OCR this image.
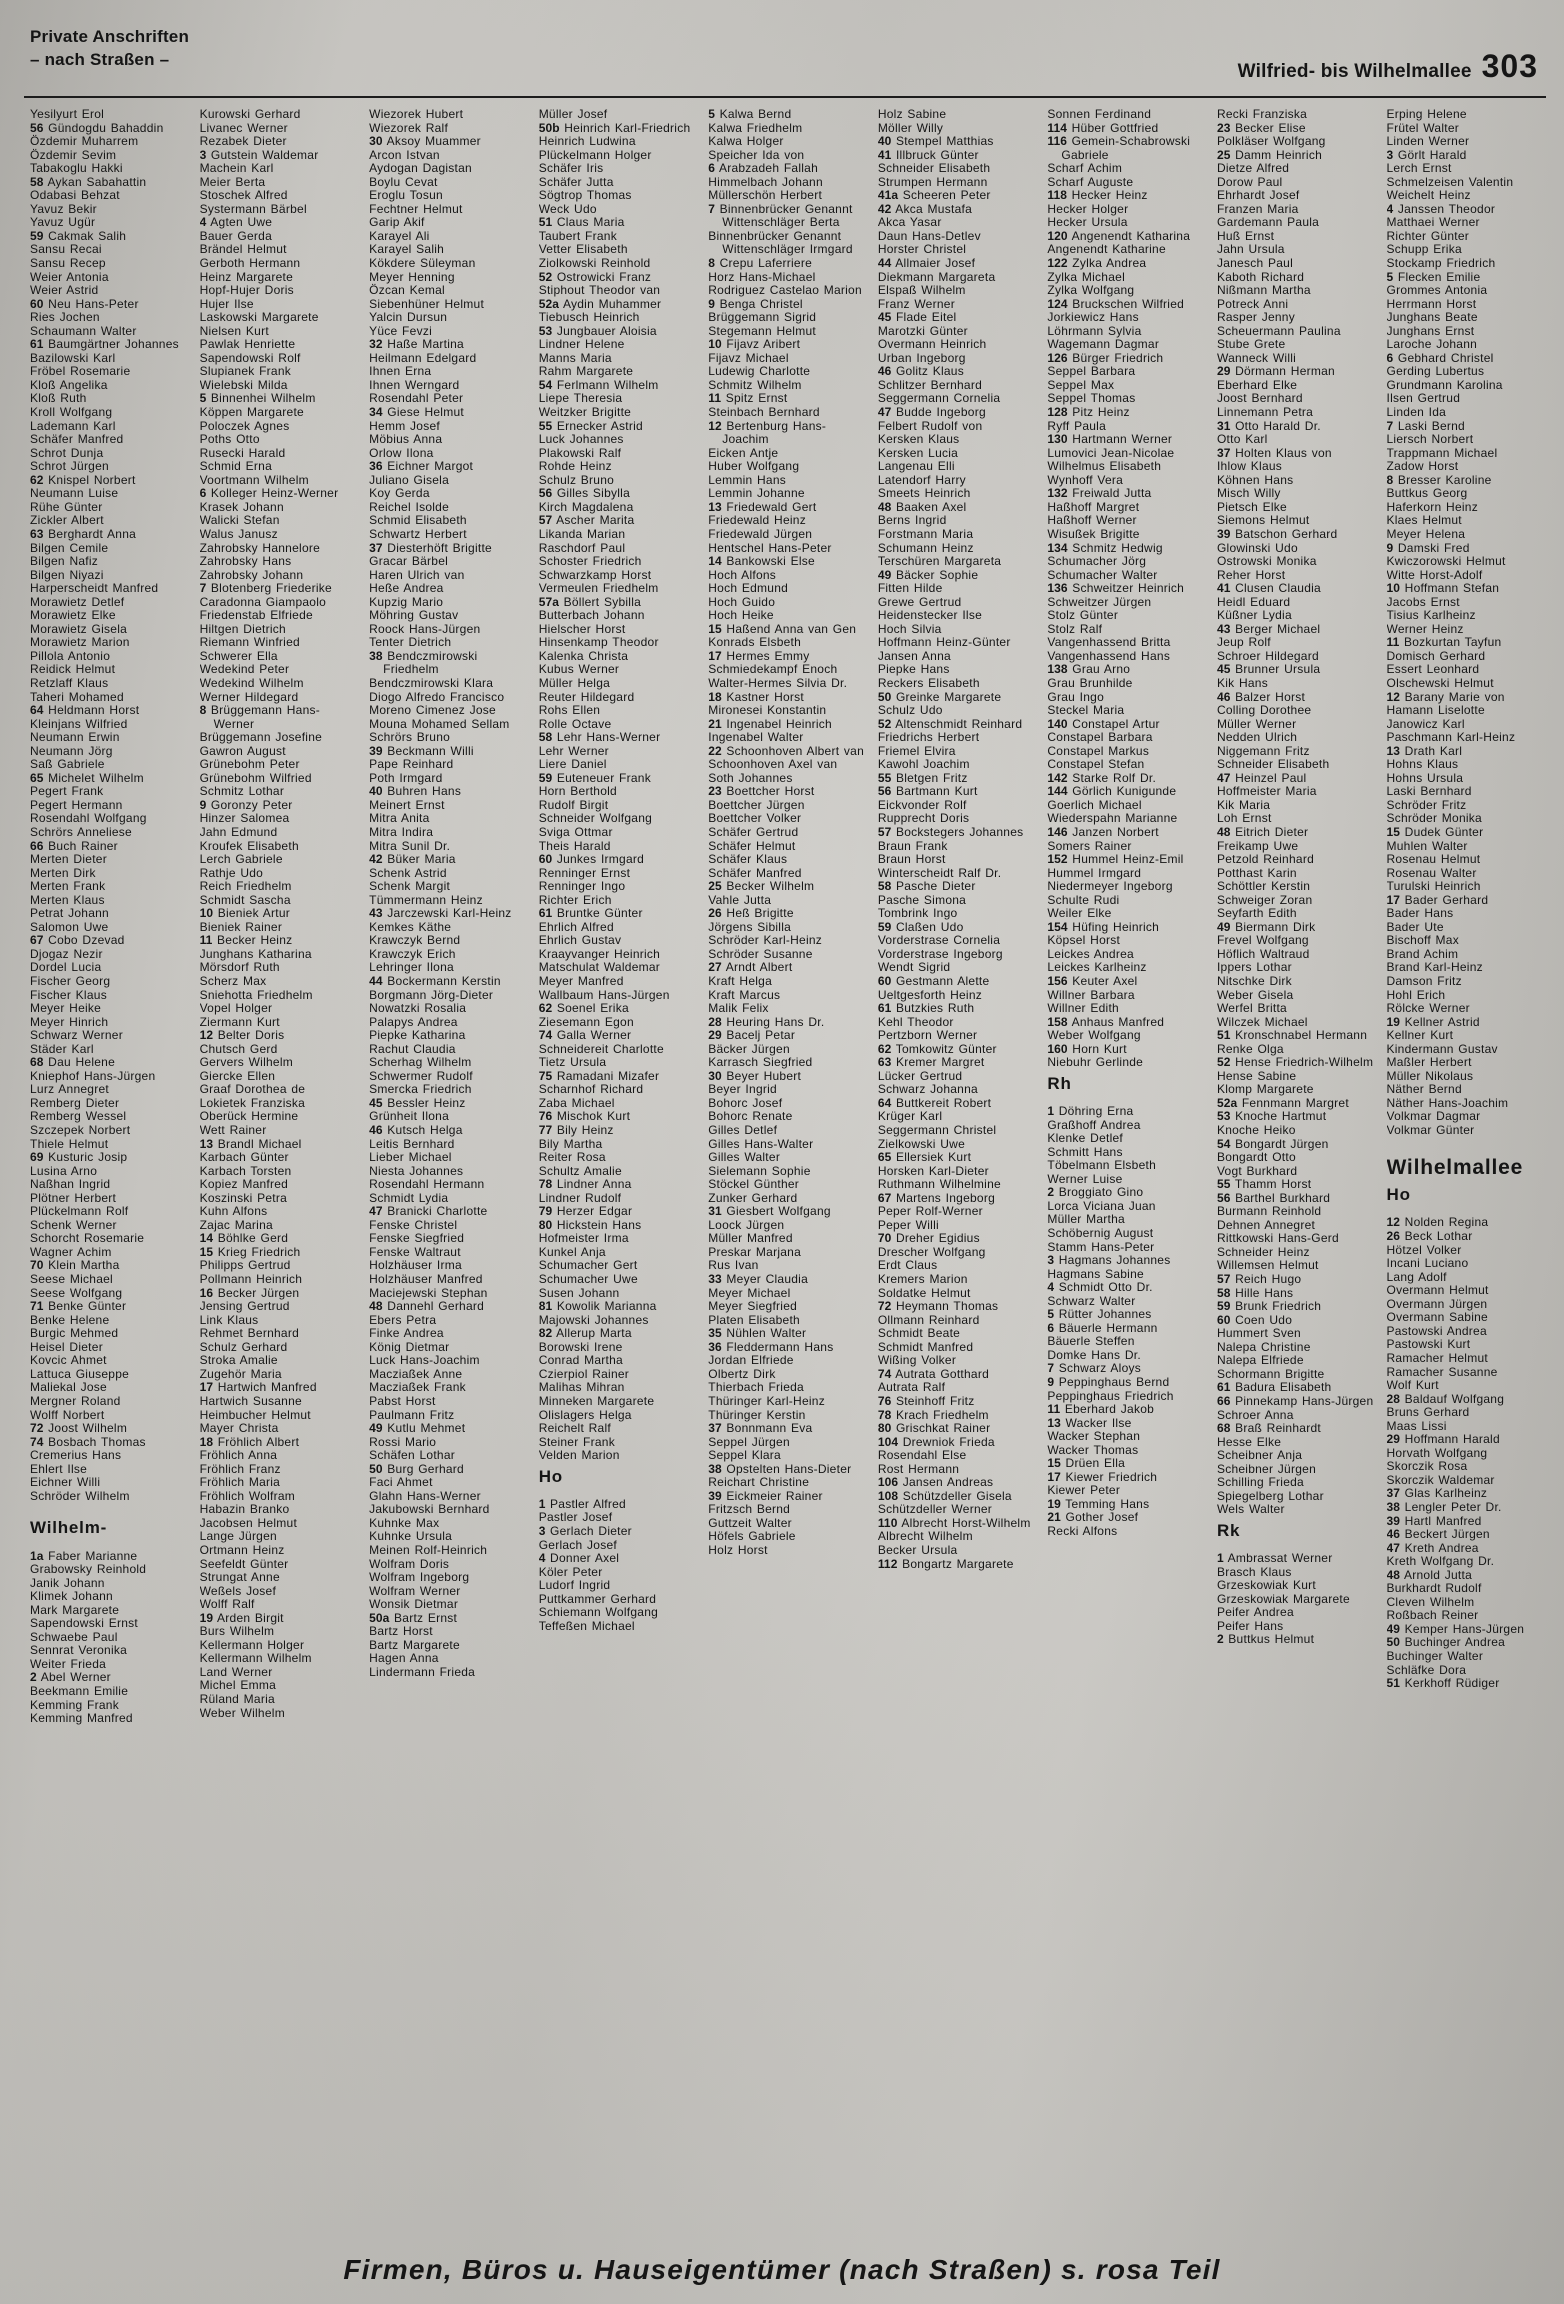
Private Anschriften
– nach Straßen –
Wilfried- bis Wilhelmallee 303

Yesilyurt Erol

56 Gündogdu Bahaddin

Özdemir Muharrem

Özdemir Sevim

Tabakoglu Hakki

58 Aykan Sabahattin

Odabasi Behzat

Yavuz Bekir

Yavuz Ugür

59 Cakmak Salih

Sansu Recai

Sansu Recep

Weier Antonia

Weier Astrid

60 Neu Hans-Peter

Ries Jochen

Schaumann Walter

61 Baumgärtner Johannes

Bazilowski Karl

Fröbel Rosemarie

Kloß Angelika

Kloß Ruth

Kroll Wolfgang

Lademann Karl

Schäfer Manfred

Schrot Dunja

Schrot Jürgen

62 Knispel Norbert

Neumann Luise

Rühe Günter

Zickler Albert

63 Berghardt Anna

Bilgen Cemile

Bilgen Nafiz

Bilgen Niyazi

Harperscheidt Manfred

Morawietz Detlef

Morawietz Elke

Morawietz Gisela

Morawietz Marion

Pillola Antonio

Reidick Helmut

Retzlaff Klaus

Taheri Mohamed

64 Heldmann Horst

Kleinjans Wilfried

Neumann Erwin

Neumann Jörg

Saß Gabriele

65 Michelet Wilhelm

Pegert Frank

Pegert Hermann

Rosendahl Wolfgang

Schrörs Anneliese

66 Buch Rainer

Merten Dieter

Merten Dirk

Merten Frank

Merten Klaus

Petrat Johann

Salomon Uwe

67 Cobo Dzevad

Djogaz Nezir

Dordel Lucia

Fischer Georg

Fischer Klaus

Meyer Heike

Meyer Hinrich

Schwarz Werner

Städer Karl

68 Dau Helene

Kniephof Hans-Jürgen

Lurz Annegret

Remberg Dieter

Remberg Wessel

Szczepek Norbert

Thiele Helmut

69 Kusturic Josip

Lusina Arno

Naßhan Ingrid

Plötner Herbert

Plückelmann Rolf

Schenk Werner

Schorcht Rosemarie

Wagner Achim

70 Klein Martha

Seese Michael

Seese Wolfgang

71 Benke Günter

Benke Helene

Burgic Mehmed

Heisel Dieter

Kovcic Ahmet

Lattuca Giuseppe

Maliekal Jose

Mergner Roland

Wolff Norbert

72 Joost Wilhelm

74 Bosbach Thomas

Cremerius Hans

Ehlert Ilse

Eichner Willi

Schröder Wilhelm

Wilhelm-

1a Faber Marianne

Grabowsky Reinhold

Janik Johann

Klimek Johann

Mark Margarete

Sapendowski Ernst

Schwaebe Paul

Sennrat Veronika

Weiter Frieda

2 Abel Werner

Beekmann Emilie

Kemming Frank

Kemming Manfred

Kurowski Gerhard

Livanec Werner

Rezabek Dieter

3 Gutstein Waldemar

Machein Karl

Meier Berta

Stoschek Alfred

Systermann Bärbel

4 Agten Uwe

Bauer Gerda

Brändel Helmut

Gerboth Hermann

Heinz Margarete

Hopf-Hujer Doris

Hujer Ilse

Laskowski Margarete

Nielsen Kurt

Pawlak Henriette

Sapendowski Rolf

Slupianek Frank

Wielebski Milda

5 Binnenhei Wilhelm

Köppen Margarete

Poloczek Agnes

Poths Otto

Rusecki Harald

Schmid Erna

Voortmann Wilhelm

6 Kolleger Heinz-Werner

Krasek Johann

Walicki Stefan

Walus Janusz

Zahrobsky Hannelore

Zahrobsky Hans

Zahrobsky Johann

7 Blotenberg Friederike

Caradonna Giampaolo

Friedenstab Elfriede

Hiltgen Dietrich

Riemann Winfried

Schwerer Ella

Wedekind Peter

Wedekind Wilhelm

Werner Hildegard

8 Brüggemann Hans-Werner

Brüggemann Josefine

Gawron August

Grünebohm Peter

Grünebohm Wilfried

Schmitz Lothar

9 Goronzy Peter

Hinzer Salomea

Jahn Edmund

Kroufek Elisabeth

Lerch Gabriele

Rathje Udo

Reich Friedhelm

Schmidt Sascha

10 Bieniek Artur

Bieniek Rainer

11 Becker Heinz

Junghans Katharina

Mörsdorf Ruth

Scherz Max

Sniehotta Friedhelm

Vopel Holger

Ziermann Kurt

12 Belter Doris

Chutsch Gerd

Gervers Wilhelm

Giercke Ellen

Graaf Dorothea de

Lokietek Franziska

Oberück Hermine

Wett Rainer

13 Brandl Michael

Karbach Günter

Karbach Torsten

Kopiez Manfred

Koszinski Petra

Kuhn Alfons

Zajac Marina

14 Böhlke Gerd

15 Krieg Friedrich

Philipps Gertrud

Pollmann Heinrich

16 Becker Jürgen

Jensing Gertrud

Link Klaus

Rehmet Bernhard

Schulz Gerhard

Stroka Amalie

Zugehör Maria

17 Hartwich Manfred

Hartwich Susanne

Heimbucher Helmut

Mayer Christa

18 Fröhlich Albert

Fröhlich Anna

Fröhlich Franz

Fröhlich Maria

Fröhlich Wolfram

Habazin Branko

Jacobsen Helmut

Lange Jürgen

Ortmann Heinz

Seefeldt Günter

Strungat Anne

Weßels Josef

Wolff Ralf

19 Arden Birgit

Burs Wilhelm

Kellermann Holger

Kellermann Wilhelm

Land Werner

Michel Emma

Rüland Maria

Weber Wilhelm

Wiezorek Hubert

Wiezorek Ralf

30 Aksoy Muammer

Arcon Istvan

Aydogan Dagistan

Boylu Cevat

Eroglu Tosun

Fechtner Helmut

Garip Akif

Karayel Ali

Karayel Salih

Kökdere Süleyman

Meyer Henning

Özcan Kemal

Siebenhüner Helmut

Yalcin Dursun

Yüce Fevzi

32 Haße Martina

Heilmann Edelgard

Ihnen Erna

Ihnen Werngard

Rosendahl Peter

34 Giese Helmut

Hemm Josef

Möbius Anna

Orlow Ilona

36 Eichner Margot

Juliano Gisela

Koy Gerda

Reichel Isolde

Schmid Elisabeth

Schwartz Herbert

37 Diesterhöft Brigitte

Gracar Bärbel

Haren Ulrich van

Heße Andrea

Kupzig Mario

Möhring Gustav

Roock Hans-Jürgen

Tenter Dietrich

38 Bendczmirowski Friedhelm

Bendczmirowski Klara

Diogo Alfredo Francisco

Moreno Cimenez Jose

Mouna Mohamed Sellam

Schrörs Bruno

39 Beckmann Willi

Pape Reinhard

Poth Irmgard

40 Buhren Hans

Meinert Ernst

Mitra Anita

Mitra Indira

Mitra Sunil Dr.

42 Büker Maria

Schenk Astrid

Schenk Margit

Tümmermann Heinz

43 Jarczewski Karl-Heinz

Kemkes Käthe

Krawczyk Bernd

Krawczyk Erich

Lehringer Ilona

44 Bockermann Kerstin

Borgmann Jörg-Dieter

Nowatzki Rosalia

Palapys Andrea

Piepke Katharina

Rachut Claudia

Scherhag Wilhelm

Schwermer Rudolf

Smercka Friedrich

45 Bessler Heinz

Grünheit Ilona

46 Kutsch Helga

Leitis Bernhard

Lieber Michael

Niesta Johannes

Rosendahl Hermann

Schmidt Lydia

47 Branicki Charlotte

Fenske Christel

Fenske Siegfried

Fenske Waltraut

Holzhäuser Irma

Holzhäuser Manfred

Maciejewski Stephan

48 Dannehl Gerhard

Ebers Petra

Finke Andrea

König Dietmar

Luck Hans-Joachim

Macziaßek Anne

Macziaßek Frank

Pabst Horst

Paulmann Fritz

49 Kutlu Mehmet

Rossi Mario

Schäfen Lothar

50 Burg Gerhard

Faci Ahmet

Glahn Hans-Werner

Jakubowski Bernhard

Kuhnke Max

Kuhnke Ursula

Meinen Rolf-Heinrich

Wolfram Doris

Wolfram Ingeborg

Wolfram Werner

Wonsik Dietmar

50a Bartz Ernst

Bartz Horst

Bartz Margarete

Hagen Anna

Lindermann Frieda

Müller Josef

50b Heinrich Karl-Friedrich

Heinrich Ludwina

Plückelmann Holger

Schäfer Iris

Schäfer Jutta

Sögtrop Thomas

Weck Udo

51 Claus Maria

Taubert Frank

Vetter Elisabeth

Ziolkowski Reinhold

52 Ostrowicki Franz

Stiphout Theodor van

52a Aydin Muhammer

Tiebusch Heinrich

53 Jungbauer Aloisia

Lindner Helene

Manns Maria

Rahm Margarete

54 Ferlmann Wilhelm

Liepe Theresia

Weitzker Brigitte

55 Ernecker Astrid

Luck Johannes

Plakowski Ralf

Rohde Heinz

Schulz Bruno

56 Gilles Sibylla

Kirch Magdalena

57 Ascher Marita

Likanda Marian

Raschdorf Paul

Schoster Friedrich

Schwarzkamp Horst

Vermeulen Friedhelm

57a Böllert Sybilla

Butterbach Johann

Hielscher Horst

Hinsenkamp Theodor

Kalenka Christa

Kubus Werner

Müller Helga

Reuter Hildegard

Rohs Ellen

Rolle Octave

58 Lehr Hans-Werner

Lehr Werner

Liere Daniel

59 Euteneuer Frank

Horn Berthold

Rudolf Birgit

Schneider Wolfgang

Sviga Ottmar

Theis Harald

60 Junkes Irmgard

Renninger Ernst

Renninger Ingo

Richter Erich

61 Bruntke Günter

Ehrlich Alfred

Ehrlich Gustav

Kraayvanger Heinrich

Matschulat Waldemar

Meyer Manfred

Wallbaum Hans-Jürgen

62 Soenel Erika

Ziesemann Egon

74 Galla Werner

Schneidereit Charlotte

Tietz Ursula

75 Ramadani Mizafer

Scharnhof Richard

Zaba Michael

76 Mischok Kurt

77 Bily Heinz

Bily Martha

Reiter Rosa

Schultz Amalie

78 Lindner Anna

Lindner Rudolf

79 Herzer Edgar

80 Hickstein Hans

Hofmeister Irma

Kunkel Anja

Schumacher Gert

Schumacher Uwe

Susen Johann

81 Kowolik Marianna

Majowski Johannes

82 Allerup Marta

Borowski Irene

Conrad Martha

Czierpiol Rainer

Malihas Mihran

Minneken Margarete

Olislagers Helga

Reichelt Ralf

Steiner Frank

Velden Marion

Ho

1 Pastler Alfred

Pastler Josef

3 Gerlach Dieter

Gerlach Josef

4 Donner Axel

Köler Peter

Ludorf Ingrid

Puttkammer Gerhard

Schiemann Wolfgang

Teffeßen Michael

5 Kalwa Bernd

Kalwa Friedhelm

Kalwa Holger

Speicher Ida von

6 Arabzadeh Fallah

Himmelbach Johann

Müllerschön Herbert

7 Binnenbrücker Genannt Wittenschläger Berta

Binnenbrücker Genannt Wittenschläger Irmgard

8 Crepu Laferriere

Horz Hans-Michael

Rodriguez Castelao Marion

9 Benga Christel

Brüggemann Sigrid

Stegemann Helmut

10 Fijavz Aribert

Fijavz Michael

Ludewig Charlotte

Schmitz Wilhelm

11 Spitz Ernst

Steinbach Bernhard

12 Bertenburg Hans-Joachim

Eicken Antje

Huber Wolfgang

Lemmin Hans

Lemmin Johanne

13 Friedewald Gert

Friedewald Heinz

Friedewald Jürgen

Hentschel Hans-Peter

14 Bankowski Else

Hoch Alfons

Hoch Edmund

Hoch Guido

Hoch Heike

15 Haßend Anna van Gen

Konrads Elsbeth

17 Hermes Emmy

Schmiedekampf Enoch

Walter-Hermes Silvia Dr.

18 Kastner Horst

Mironesei Konstantin

21 Ingenabel Heinrich

Ingenabel Walter

22 Schoonhoven Albert van

Schoonhoven Axel van

Soth Johannes

23 Boettcher Horst

Boettcher Jürgen

Boettcher Volker

Schäfer Gertrud

Schäfer Helmut

Schäfer Klaus

Schäfer Manfred

25 Becker Wilhelm

Vahle Jutta

26 Heß Brigitte

Jörgens Sibilla

Schröder Karl-Heinz

Schröder Susanne

27 Arndt Albert

Kraft Helga

Kraft Marcus

Malik Felix

28 Heuring Hans Dr.

29 Bacelj Petar

Bäcker Jürgen

Karrasch Siegfried

30 Beyer Hubert

Beyer Ingrid

Bohorc Josef

Bohorc Renate

Gilles Detlef

Gilles Hans-Walter

Gilles Walter

Sielemann Sophie

Stöckel Günther

Zunker Gerhard

31 Giesbert Wolfgang

Loock Jürgen

Müller Manfred

Preskar Marjana

Rus Ivan

33 Meyer Claudia

Meyer Michael

Meyer Siegfried

Platen Elisabeth

35 Nühlen Walter

36 Fleddermann Hans

Jordan Elfriede

Olbertz Dirk

Thierbach Frieda

Thüringer Karl-Heinz

Thüringer Kerstin

37 Bonnmann Eva

Seppel Jürgen

Seppel Klara

38 Opstelten Hans-Dieter

Reichart Christine

39 Eickmeier Rainer

Fritzsch Bernd

Guttzeit Walter

Höfels Gabriele

Holz Horst

Holz Sabine

Möller Willy

40 Stempel Matthias

41 Illbruck Günter

Schneider Elisabeth

Strumpen Hermann

41a Scheeren Peter

42 Akca Mustafa

Akca Yasar

Daun Hans-Detlev

Horster Christel

44 Allmaier Josef

Diekmann Margareta

Elspaß Wilhelm

Franz Werner

45 Flade Eitel

Marotzki Günter

Overmann Heinrich

Urban Ingeborg

46 Golitz Klaus

Schlitzer Bernhard

Seggermann Cornelia

47 Budde Ingeborg

Felbert Rudolf von

Kersken Klaus

Kersken Lucia

Langenau Elli

Latendorf Harry

Smeets Heinrich

48 Baaken Axel

Berns Ingrid

Forstmann Maria

Schumann Heinz

Terschüren Margareta

49 Bäcker Sophie

Fitten Hilde

Grewe Gertrud

Heidenstecker Ilse

Hoch Silvia

Hoffmann Heinz-Günter

Jansen Anna

Piepke Hans

Reckers Elisabeth

50 Greinke Margarete

Schulz Udo

52 Altenschmidt Reinhard

Friedrichs Herbert

Friemel Elvira

Kawohl Joachim

55 Bletgen Fritz

56 Bartmann Kurt

Eickvonder Rolf

Rupprecht Doris

57 Bockstegers Johannes

Braun Frank

Braun Horst

Winterscheidt Ralf Dr.

58 Pasche Dieter

Pasche Simona

Tombrink Ingo

59 Claßen Udo

Vorderstrase Cornelia

Vorderstrase Ingeborg

Wendt Sigrid

60 Gestmann Alette

Ueltgesforth Heinz

61 Butzkies Ruth

Kehl Theodor

Pertzborn Werner

62 Tomkowitz Günter

63 Kremer Margret

Lücker Gertrud

Schwarz Johanna

64 Buttkereit Robert

Krüger Karl

Seggermann Christel

Zielkowski Uwe

65 Ellersiek Kurt

Horsken Karl-Dieter

Ruthmann Wilhelmine

67 Martens Ingeborg

Peper Rolf-Werner

Peper Willi

70 Dreher Egidius

Drescher Wolfgang

Erdt Claus

Kremers Marion

Soldatke Helmut

72 Heymann Thomas

Ollmann Reinhard

Schmidt Beate

Schmidt Manfred

Wißing Volker

74 Autrata Gotthard

Autrata Ralf

76 Steinhoff Fritz

78 Krach Friedhelm

80 Grischkat Rainer

104 Drewniok Frieda

Rosendahl Else

Rost Hermann

106 Jansen Andreas

108 Schützdeller Gisela

Schützdeller Werner

110 Albrecht Horst-Wilhelm

Albrecht Wilhelm

Becker Ursula

112 Bongartz Margarete

Sonnen Ferdinand

114 Hüber Gottfried

116 Gemein-Schabrowski Gabriele

Scharf Achim

Scharf Auguste

118 Hecker Heinz

Hecker Holger

Hecker Ursula

120 Angenendt Katharina

Angenendt Katharine

122 Zylka Andrea

Zylka Michael

Zylka Wolfgang

124 Bruckschen Wilfried

Jorkiewicz Hans

Löhrmann Sylvia

Wagemann Dagmar

126 Bürger Friedrich

Seppel Barbara

Seppel Max

Seppel Thomas

128 Pitz Heinz

Ryff Paula

130 Hartmann Werner

Lumovici Jean-Nicolae

Wilhelmus Elisabeth

Wynhoff Vera

132 Freiwald Jutta

Haßhoff Margret

Haßhoff Werner

Wisußek Brigitte

134 Schmitz Hedwig

Schumacher Jörg

Schumacher Walter

136 Schweitzer Heinrich

Schweitzer Jürgen

Stolz Günter

Stolz Ralf

Vangenhassend Britta

Vangenhassend Hans

138 Grau Arno

Grau Brunhilde

Grau Ingo

Steckel Maria

140 Constapel Artur

Constapel Barbara

Constapel Markus

Constapel Stefan

142 Starke Rolf Dr.

144 Görlich Kunigunde

Goerlich Michael

Wiederspahn Marianne

146 Janzen Norbert

Somers Rainer

152 Hummel Heinz-Emil

Hummel Irmgard

Niedermeyer Ingeborg

Schulte Rudi

Weiler Elke

154 Hüfing Heinrich

Köpsel Horst

Leickes Andrea

Leickes Karlheinz

156 Keuter Axel

Willner Barbara

Willner Edith

158 Anhaus Manfred

Weber Wolfgang

160 Horn Kurt

Niebuhr Gerlinde

Rh

1 Döhring Erna

Graßhoff Andrea

Klenke Detlef

Schmitt Hans

Töbelmann Elsbeth

Werner Luise

2 Broggiato Gino

Lorca Viciana Juan

Müller Martha

Schöbernig August

Stamm Hans-Peter

3 Hagmans Johannes

Hagmans Sabine

4 Schmidt Otto Dr.

Schwarz Walter

5 Rütter Johannes

6 Bäuerle Hermann

Bäuerle Steffen

Domke Hans Dr.

7 Schwarz Aloys

9 Peppinghaus Bernd

Peppinghaus Friedrich

11 Eberhard Jakob

13 Wacker Ilse

Wacker Stephan

Wacker Thomas

15 Drüen Ella

17 Kiewer Friedrich

Kiewer Peter

19 Temming Hans

21 Gother Josef

Recki Alfons

Recki Franziska

23 Becker Elise

Polkläser Wolfgang

25 Damm Heinrich

Dietze Alfred

Dorow Paul

Ehrhardt Josef

Franzen Maria

Gardemann Paula

Huß Ernst

Jahn Ursula

Janesch Paul

Kaboth Richard

Nißmann Martha

Potreck Anni

Rasper Jenny

Scheuermann Paulina

Stube Grete

Wanneck Willi

29 Dörmann Herman

Eberhard Elke

Joost Bernhard

Linnemann Petra

31 Otto Harald Dr.

Otto Karl

37 Holten Klaus von

Ihlow Klaus

Köhnen Hans

Misch Willy

Pietsch Elke

Siemons Helmut

39 Batschon Gerhard

Glowinski Udo

Ostrowski Monika

Reher Horst

41 Clusen Claudia

Heidl Eduard

Küßner Lydia

43 Berger Michael

Jeup Rolf

Schroer Hildegard

45 Brunner Ursula

Kik Hans

46 Balzer Horst

Colling Dorothee

Müller Werner

Nedden Ulrich

Niggemann Fritz

Schneider Elisabeth

47 Heinzel Paul

Hoffmeister Maria

Kik Maria

Loh Ernst

48 Eitrich Dieter

Freikamp Uwe

Petzold Reinhard

Potthast Karin

Schöttler Kerstin

Schweiger Zoran

Seyfarth Edith

49 Biermann Dirk

Frevel Wolfgang

Höflich Waltraud

Ippers Lothar

Nitschke Dirk

Weber Gisela

Werfel Britta

Wilczek Michael

51 Kronschnabel Hermann

Renke Olga

52 Hense Friedrich-Wilhelm

Hense Sabine

Klomp Margarete

52a Fennmann Margret

53 Knoche Hartmut

Knoche Heiko

54 Bongardt Jürgen

Bongardt Otto

Vogt Burkhard

55 Thamm Horst

56 Barthel Burkhard

Burmann Reinhold

Dehnen Annegret

Rittkowski Hans-Gerd

Schneider Heinz

Willemsen Helmut

57 Reich Hugo

58 Hille Hans

59 Brunk Friedrich

60 Coen Udo

Hummert Sven

Nalepa Christine

Nalepa Elfriede

Schormann Brigitte

61 Badura Elisabeth

66 Pinnekamp Hans-Jürgen

Schroer Anna

68 Braß Reinhardt

Hesse Elke

Scheibner Anja

Scheibner Jürgen

Schilling Frieda

Spiegelberg Lothar

Wels Walter

Rk

1 Ambrassat Werner

Brasch Klaus

Grzeskowiak Kurt

Grzeskowiak Margarete

Peifer Andrea

Peifer Hans

2 Buttkus Helmut

Erping Helene

Frütel Walter

Linden Werner

3 Görlt Harald

Lerch Ernst

Schmelzeisen Valentin

Weichelt Heinz

4 Janssen Theodor

Matthaei Werner

Richter Günter

Schupp Erika

Stockamp Friedrich

5 Flecken Emilie

Grommes Antonia

Herrmann Horst

Junghans Beate

Junghans Ernst

Laroche Johann

6 Gebhard Christel

Gerding Lubertus

Grundmann Karolina

Ilsen Gertrud

Linden Ida

7 Laski Bernd

Liersch Norbert

Trappmann Michael

Zadow Horst

8 Bresser Karoline

Buttkus Georg

Haferkorn Heinz

Klaes Helmut

Meyer Helena

9 Damski Fred

Kwiczorowski Helmut

Witte Horst-Adolf

10 Hoffmann Stefan

Jacobs Ernst

Tisius Karlheinz

Werner Heinz

11 Bozkurtan Tayfun

Domisch Gerhard

Essert Leonhard

Olschewski Helmut

12 Barany Marie von

Hamann Liselotte

Janowicz Karl

Paschmann Karl-Heinz

13 Drath Karl

Hohns Klaus

Hohns Ursula

Laski Bernhard

Schröder Fritz

Schröder Monika

15 Dudek Günter

Muhlen Walter

Rosenau Helmut

Rosenau Walter

Turulski Heinrich

17 Bader Gerhard

Bader Hans

Bader Ute

Bischoff Max

Brand Achim

Brand Karl-Heinz

Damson Fritz

Hohl Erich

Rölcke Werner

19 Kellner Astrid

Kellner Kurt

Kindermann Gustav

Maßler Herbert

Müller Nikolaus

Näther Bernd

Näther Hans-Joachim

Volkmar Dagmar

Volkmar Günter

Wilhelmallee

Ho

12 Nolden Regina

26 Beck Lothar

Hötzel Volker

Incani Luciano

Lang Adolf

Overmann Helmut

Overmann Jürgen

Overmann Sabine

Pastowski Andrea

Pastowski Kurt

Ramacher Helmut

Ramacher Susanne

Wolf Kurt

28 Baldauf Wolfgang

Bruns Gerhard

Maas Lissi

29 Hoffmann Harald

Horvath Wolfgang

Skorczik Rosa

Skorczik Waldemar

37 Glas Karlheinz

38 Lengler Peter Dr.

39 Hartl Manfred

46 Beckert Jürgen

47 Kreth Andrea

Kreth Wolfgang Dr.

48 Arnold Jutta

Burkhardt Rudolf

Cleven Wilhelm

Roßbach Reiner

49 Kemper Hans-Jürgen

50 Buchinger Andrea

Buchinger Walter

Schläfke Dora

51 Kerkhoff Rüdiger

Firmen, Büros u. Hauseigentümer (nach Straßen) s. rosa Teil
